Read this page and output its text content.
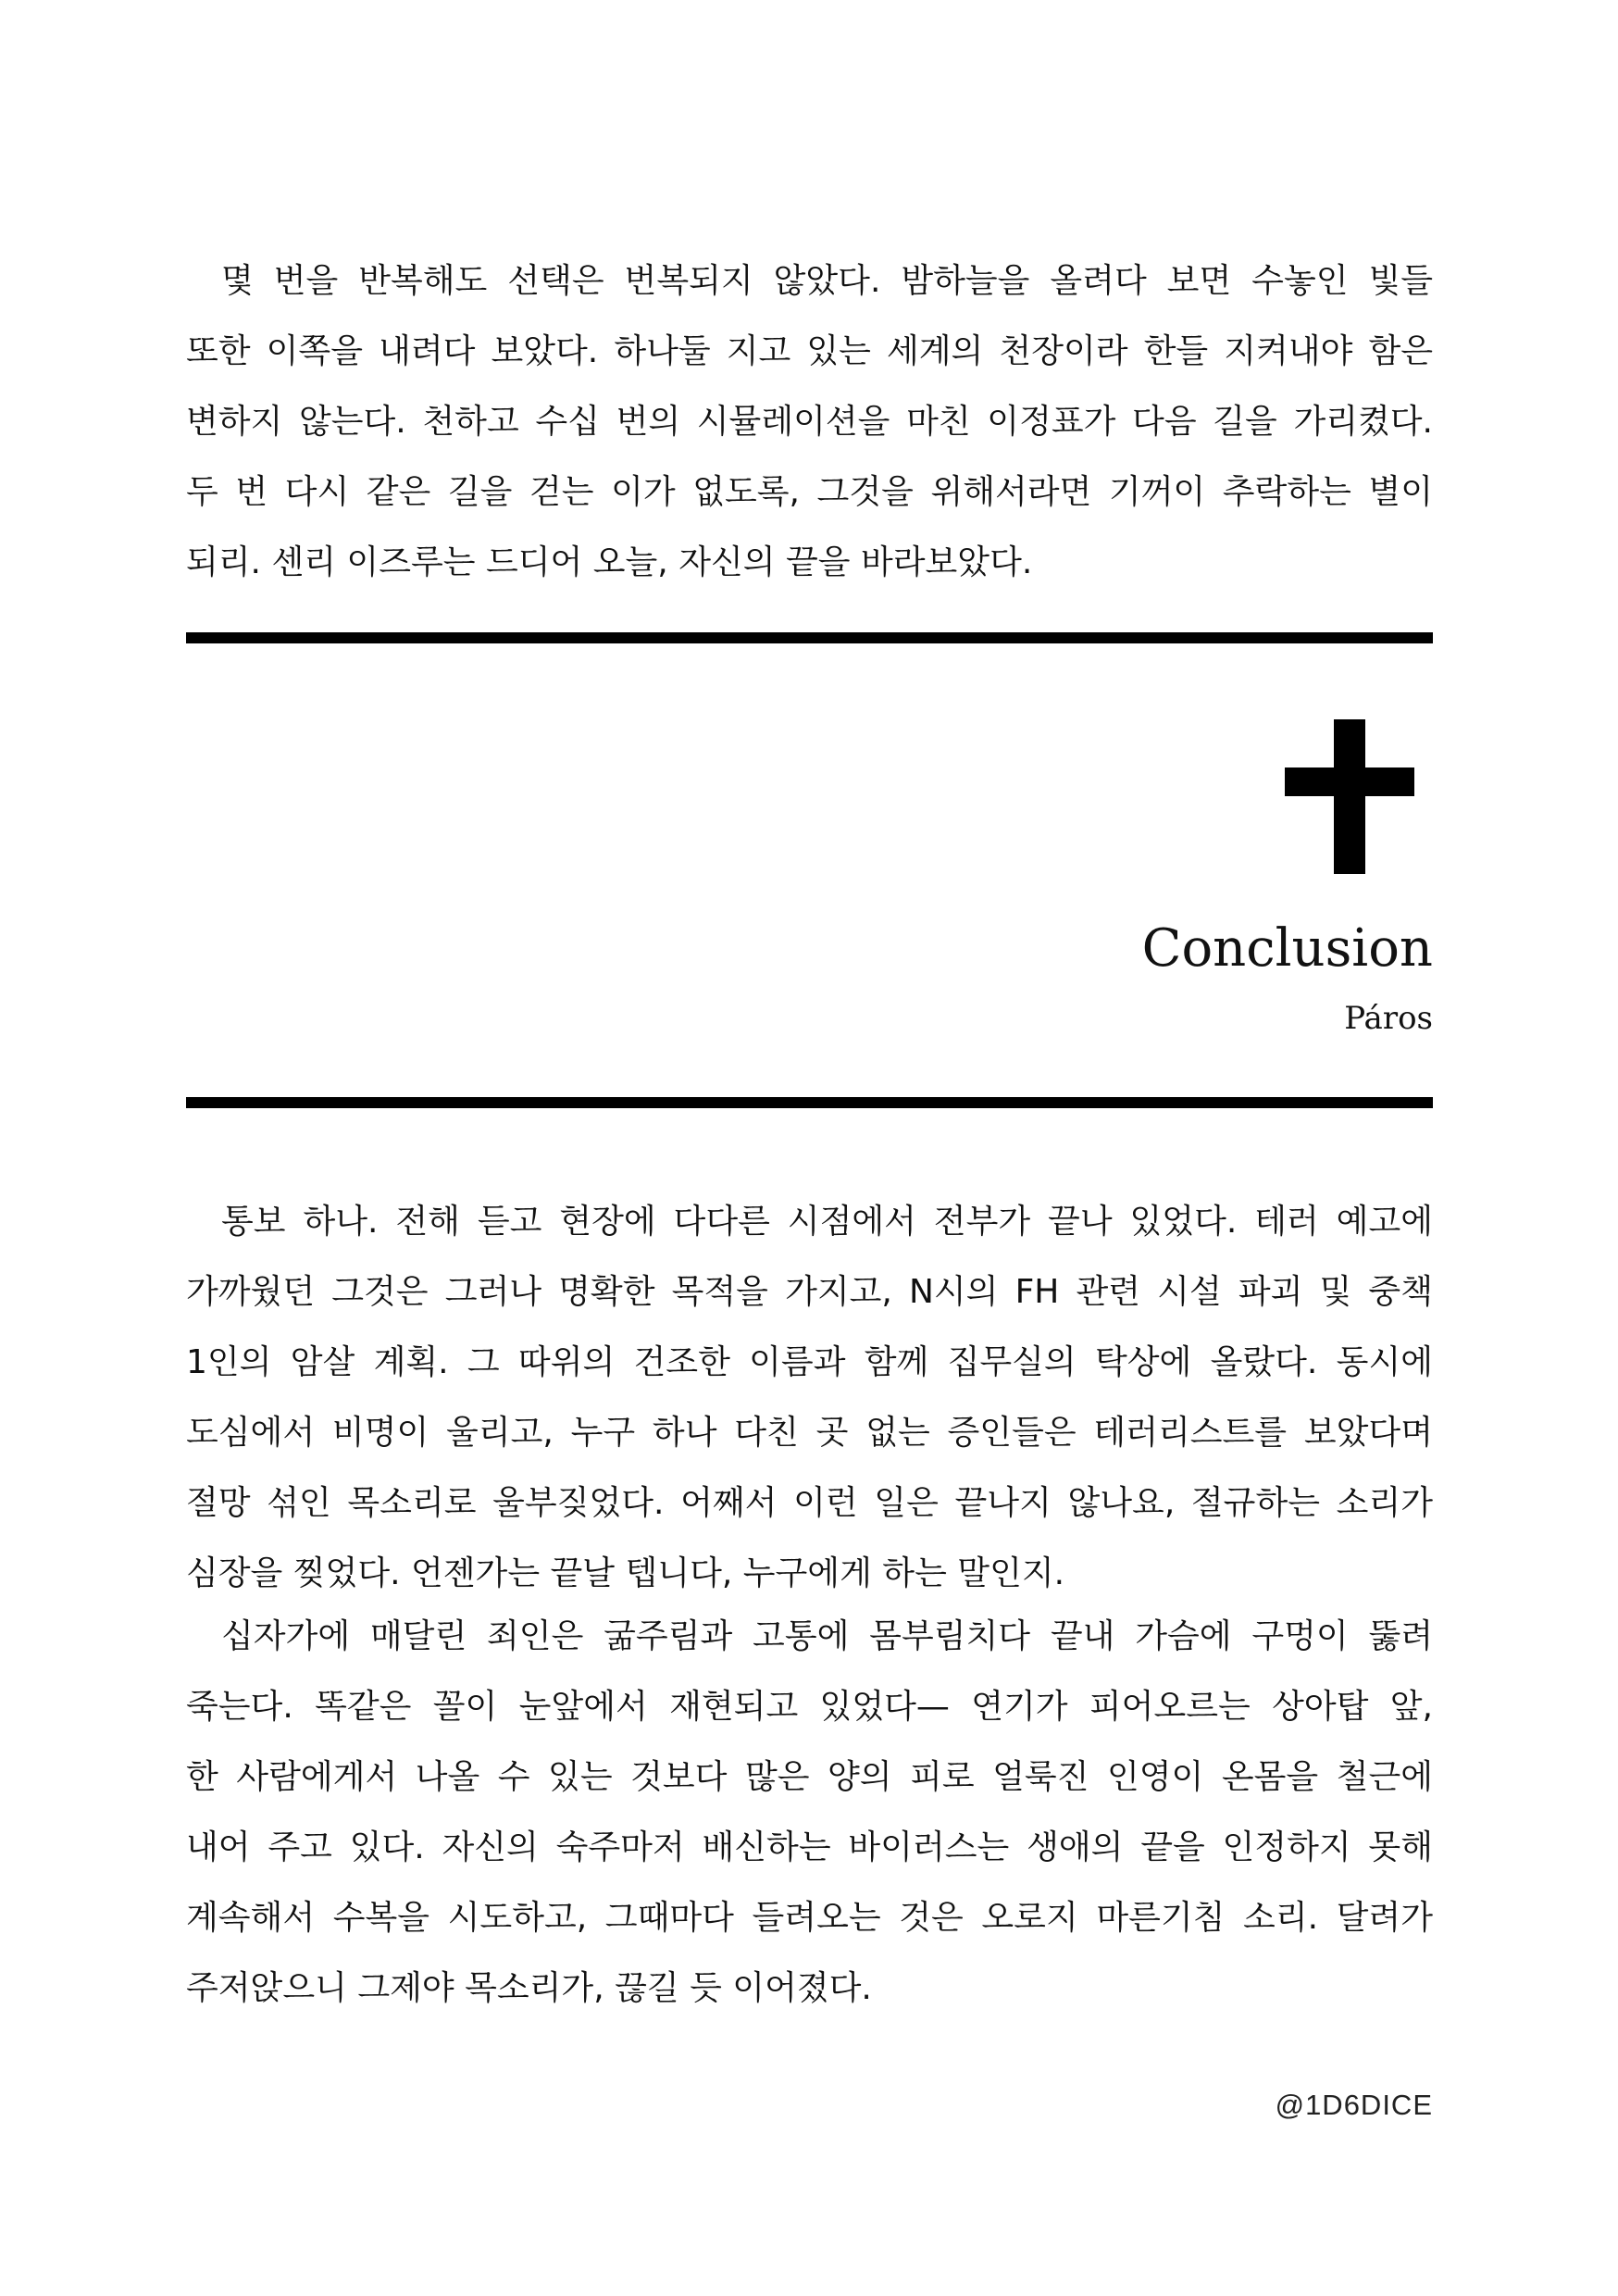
몇 번을 반복해도 선택은 번복되지 않았다. 밤하늘을 올려다 보면 수놓인 빛들
또한 이쪽을 내려다 보았다. 하나둘 지고 있는 세계의 천장이라 한들 지켜내야 함은
변하지 않는다. 천하고 수십 번의 시뮬레이션을 마친 이정표가 다음 길을 가리켰다.
두 번 다시 같은 길을 걷는 이가 없도록, 그것을 위해서라면 기꺼이 추락하는 별이
되리. 센리 이즈루는 드디어 오늘, 자신의 끝을 바라보았다.
Conclusion
Páros
통보 하나. 전해 듣고 현장에 다다른 시점에서 전부가 끝나 있었다. 테러 예고에
가까웠던 그것은 그러나 명확한 목적을 가지고, N시의 FH 관련 시설 파괴 및 중책
1인의 암살 계획. 그 따위의 건조한 이름과 함께 집무실의 탁상에 올랐다. 동시에
도심에서 비명이 울리고, 누구 하나 다친 곳 없는 증인들은 테러리스트를 보았다며
절망 섞인 목소리로 울부짖었다. 어째서 이런 일은 끝나지 않나요, 절규하는 소리가
심장을 찢었다. 언젠가는 끝날 텝니다, 누구에게 하는 말인지.
십자가에 매달린 죄인은 굶주림과 고통에 몸부림치다 끝내 가슴에 구멍이 뚫려
죽는다. 똑같은 꼴이 눈앞에서 재현되고 있었다— 연기가 피어오르는 상아탑 앞,
한 사람에게서 나올 수 있는 것보다 많은 양의 피로 얼룩진 인영이 온몸을 철근에
내어 주고 있다. 자신의 숙주마저 배신하는 바이러스는 생애의 끝을 인정하지 못해
계속해서 수복을 시도하고, 그때마다 들려오는 것은 오로지 마른기침 소리. 달려가
주저앉으니 그제야 목소리가, 끊길 듯 이어졌다.
@1D6DICE
